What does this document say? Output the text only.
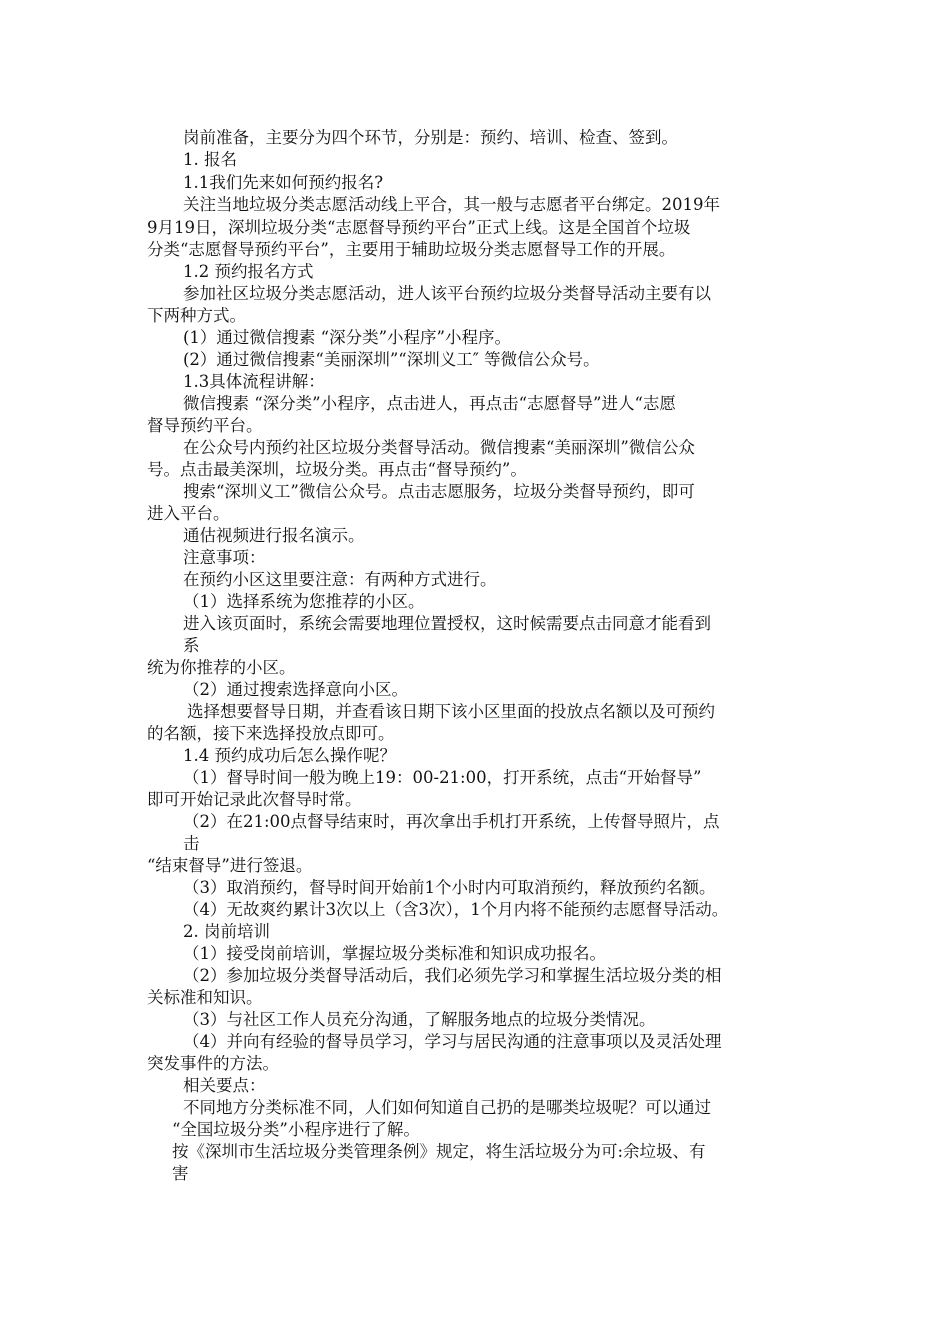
岗前准备，主要分为四个环节，分别是：预约、培训、检查、签到。
1. 报名
1.1我们先来如何预约报名?
关注当地垃圾分类志愿活动线上平合，其一般与志愿者平台绑定。2019年
9月19日，深圳垃圾分类“志愿督导预约平台”正式上线。这是全国首个垃圾
分类“志愿督导预约平台”，主要用于辅助垃圾分类志愿督导工作的开展。
1.2 预约报名方式
参加社区垃圾分类志愿活动，进人该平台预约垃圾分类督导活动主要有以
下两种方式。
(1）通过微信搜素 “深分类”小程序”小程序。
(2）通过微信搜素“美丽深圳”“深圳义工″ 等微信公众号。
1.3具体流程讲解：
微信搜素 “深分类”小程序，点击进人，再点击“志愿督导”进人“志愿
督导预约平台。
在公众号内预约社区垃圾分类督导活动。微信搜素“美丽深圳”微信公众
号。点击最美深圳，垃圾分类。再点击“督导预约”。
搜索“深圳义工”微信公众号。点击志愿服务，垃圾分类督导预约，即可
进入平台。
通估视频进行报名演示。
注意事项：
在预约小区这里要注意：有两种方式进行。
（1）选择系统为您推荐的小区。
进入该页面时，系统会需要地理位置授权，这时候需要点击同意才能看到
系
统为你推荐的小区。
（2）通过搜索选择意向小区。
选择想要督导日期，并查看该日期下该小区里面的投放点名额以及可预约
的名额，接下来选择投放点即可。
1.4 预约成功后怎么操作呢？
（1）督导时间一般为晚上19：00-21:00，打开系统，点击“开始督导”
即可开始记录此次督导时常。
（2）在21:00点督导结束时，再次拿出手机打开系统，上传督导照片，点
击
“结束督导”进行签退。
（3）取消预约，督导时间开始前1个小时内可取消预约，释放预约名额。
（4）无故爽约累计3次以上（含3次），1个月内将不能预约志愿督导活动。
2. 岗前培训
（1）接受岗前培训，掌握垃圾分类标准和知识成功报名。
（2）参加垃圾分类督导活动后，我们必须先学习和掌握生活垃圾分类的相
关标准和知识。
（3）与社区工作人员充分沟通，了解服务地点的垃圾分类情况。
（4）并向有经验的督导员学习，学习与居民沟通的注意事项以及灵活处理
突发事件的方法。
相关要点：
不同地方分类标准不同，人们如何知道自己扔的是哪类垃圾呢？可以通过
“全国垃圾分类”小程序进行了解。
按《深圳市生活垃圾分类管理条例》规定，将生活垃圾分为可:余垃圾、有
害
